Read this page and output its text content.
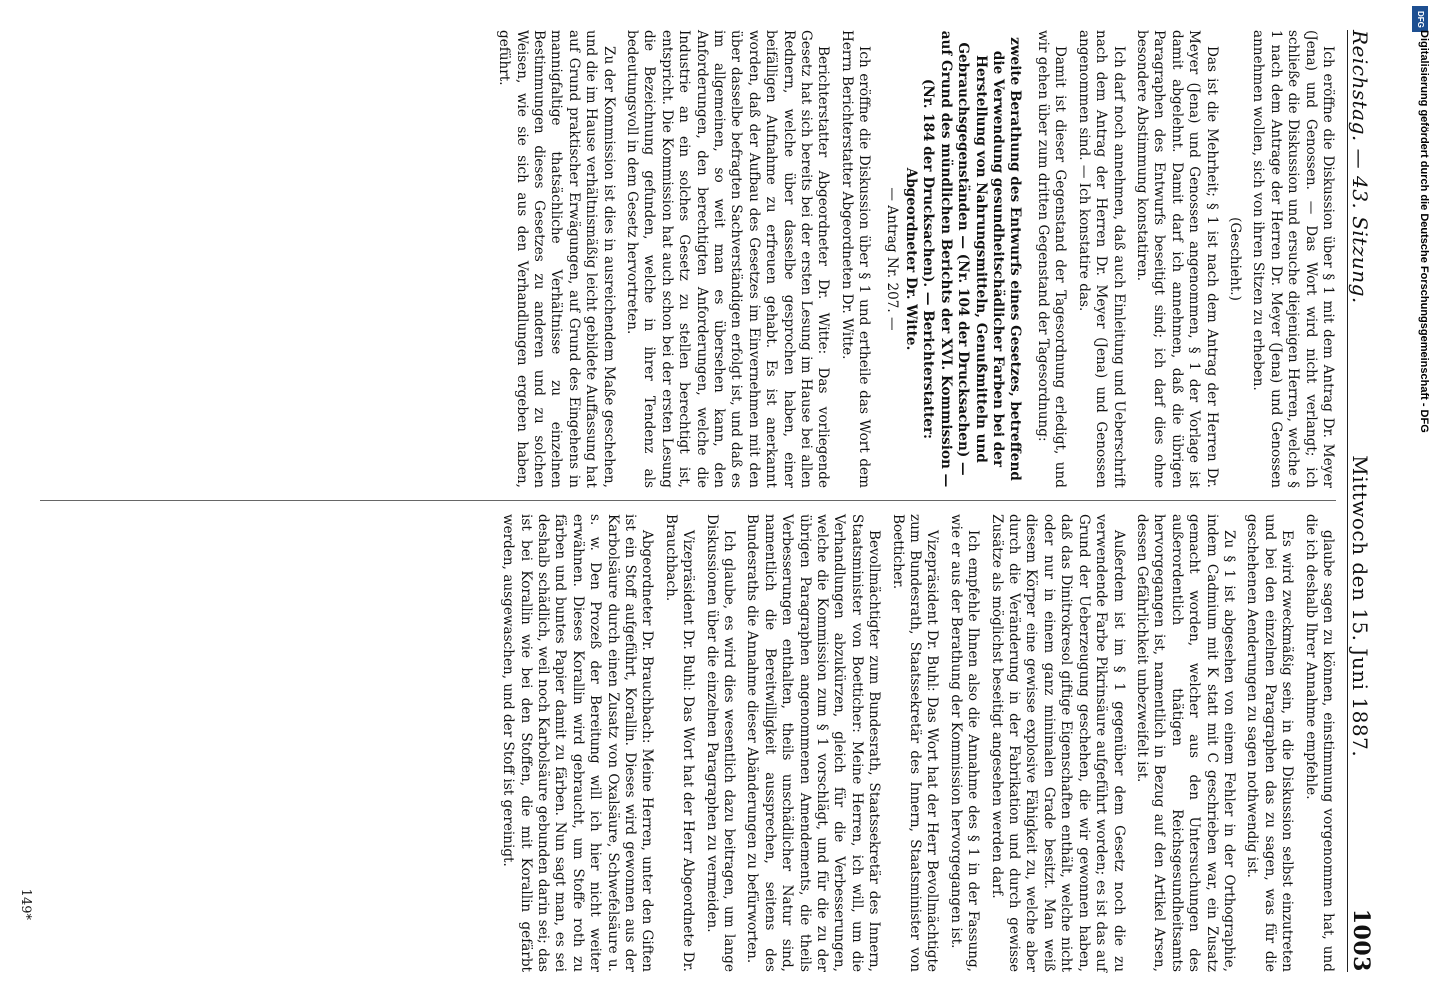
Reichstag. — 43. Sitzung.
Mittwoch den 15. Juni 1887.
1003

Ich eröffne die Diskussion über § 1 mit dem Antrag Dr. Meyer (Jena) und Genossen. — Das Wort wird nicht verlangt; ich schließe die Diskussion und ersuche diejenigen Herren, welche § 1 nach dem Antrage der Herren Dr. Meyer (Jena) und Genossen annehmen wollen, sich von ihren Sitzen zu erheben.

(Geschieht.)

Das ist die Mehrheit; § 1 ist nach dem Antrag der Herren Dr. Meyer (Jena) und Genossen angenommen, § 1 der Vorlage ist damit abgelehnt. Damit darf ich annehmen, daß die übrigen Paragraphen des Entwurfs beseitigt sind; ich darf dies ohne besondere Abstimmung konstatiren.

Ich darf noch annehmen, daß auch Einleitung und Ueberschrift nach dem Antrag der Herren Dr. Meyer (Jena) und Genossen angenommen sind. — Ich konstatire das.

Damit ist dieser Gegenstand der Tagesordnung erledigt, und wir gehen über zum dritten Gegenstand der Tagesordnung:

zweite Berathung des Entwurfs eines Gesetzes, betreffend die Verwendung gesundheitschädlicher Farben bei der Herstellung von Nahrungsmitteln, Genußmitteln und Gebrauchsgegenständen — (Nr. 104 der Drucksachen) — auf Grund des mündlichen Berichts der XVI. Kommission — (Nr. 184 der Drucksachen). — Berichterstatter: Abgeordneter Dr. Witte.

— Antrag Nr. 207. —

Ich eröffne die Diskussion über § 1 und ertheile das Wort dem Herrn Berichterstatter Abgeordneten Dr. Witte.

Berichterstatter Abgeordneter Dr. Witte: Das vorliegende Gesetz hat sich bereits bei der ersten Lesung im Hause bei allen Rednern, welche über dasselbe gesprochen haben, einer beifälligen Aufnahme zu erfreuen gehabt. Es ist anerkannt worden, daß der Aufbau des Gesetzes im Einvernehmen mit den über dasselbe befragten Sachverständigen erfolgt ist, und daß es im allgemeinen, so weit man es übersehen kann, den Anforderungen, den berechtigten Anforderungen, welche die Industrie an ein solches Gesetz zu stellen berechtigt ist, entspricht. Die Kommission hat auch schon bei der ersten Lesung die Bezeichnung gefunden, welche in ihrer Tendenz als bedeutungsvoll in dem Gesetz hervortreten.

Zu der Kommission ist dies in ausreichendem Maße geschehen, und die im Hause verhältnismäßig leicht gebildete Auffassung hat auf Grund praktischer Erwägungen, auf Grund des Eingehens in mannigfaltige thatsächliche Verhältnisse zu einzelnen Bestimmungen dieses Gesetzes zu anderen und zu solchen Weisen, wie sie sich aus den Verhandlungen ergeben haben, geführt.

glaube sagen zu können, einstimmung vorgenommen hat, und die ich deshalb Ihrer Annahme empfehle.

Es wird zweckmäßig sein, in die Diskussion selbst einzutreten und bei den einzelnen Paragraphen das zu sagen, was für die geschehenen Aenderungen zu sagen nothwendig ist.

Zu § 1 ist abgesehen von einem Fehler in der Orthographie, indem Cadmium mit K statt mit C geschrieben war, ein Zusatz gemacht worden, welcher aus den Untersuchungen des außerordentlich thätigen Reichsgesundheitsamts hervorgegangen ist, namentlich in Bezug auf den Artikel Arsen, dessen Gefährlichkeit unbezweifelt ist.

Außerdem ist im § 1 gegenüber dem Gesetz noch die zu verwendende Farbe Pikrinsäure aufgeführt worden; es ist das auf Grund der Ueberzeugung geschehen, die wir gewonnen haben, daß das Dinitrokresol giftige Eigenschaften enthält, welche nicht oder nur in einem ganz minimalen Grade besitzt. Man weiß diesem Körper eine gewisse explosive Fähigkeit zu, welche aber durch die Veränderung in der Fabrikation und durch gewisse Zusätze als möglichst beseitigt angesehen werden darf.

Ich empfehle Ihnen also die Annahme des § 1 in der Fassung, wie er aus der Berathung der Kommission hervorgegangen ist.

Vizepräsident Dr. Buhl: Das Wort hat der Herr Bevollmächtigte zum Bundesrath, Staatssekretär des Innern, Staatsminister von Boetticher.

Bevollmächtigter zum Bundesrath, Staatssekretär des Innern, Staatsminister von Boetticher: Meine Herren, ich will, um die Verhandlungen abzukürzen, gleich für die Verbesserungen, welche die Kommission zum § 1 vorschlägt, und für die zu der übrigen Paragraphen angenommenen Amendements, die theils Verbesserungen enthalten, theils unschädlicher Natur sind, namentlich die Bereitwilligkeit aussprechen, seitens des Bundesraths die Annahme dieser Abänderungen zu befürworten.

Ich glaube, es wird dies wesentlich dazu beitragen, um lange Diskussionen über die einzelnen Paragraphen zu vermeiden.

Vizepräsident Dr. Buhl: Das Wort hat der Herr Abgeordnete Dr. Brauchbach.

Abgeordneter Dr. Brauchbach: Meine Herren, unter den Giften ist ein Stoff aufgeführt, Korallin. Dieses wird gewonnen aus der Karbolsäure durch einen Zusatz von Oxalsäure, Schwefelsäure u. s. w. Den Prozeß der Bereitung will ich hier nicht weiter erwähnen. Dieses Korallin wird gebraucht, um Stoffe roth zu färben und buntes Papier damit zu färben. Nun sagt man, es sei deshalb schädlich, weil noch Karbolsäure gebunden darin sei; das ist bei Korallin wie bei den Stoffen, die mit Korallin gefärbt werden, ausgewaschen, und der Stoff ist gereinigt.

149*
DFG
Digitalisierung gefördert durch die Deutsche Forschungsgemeinschaft - DFG
